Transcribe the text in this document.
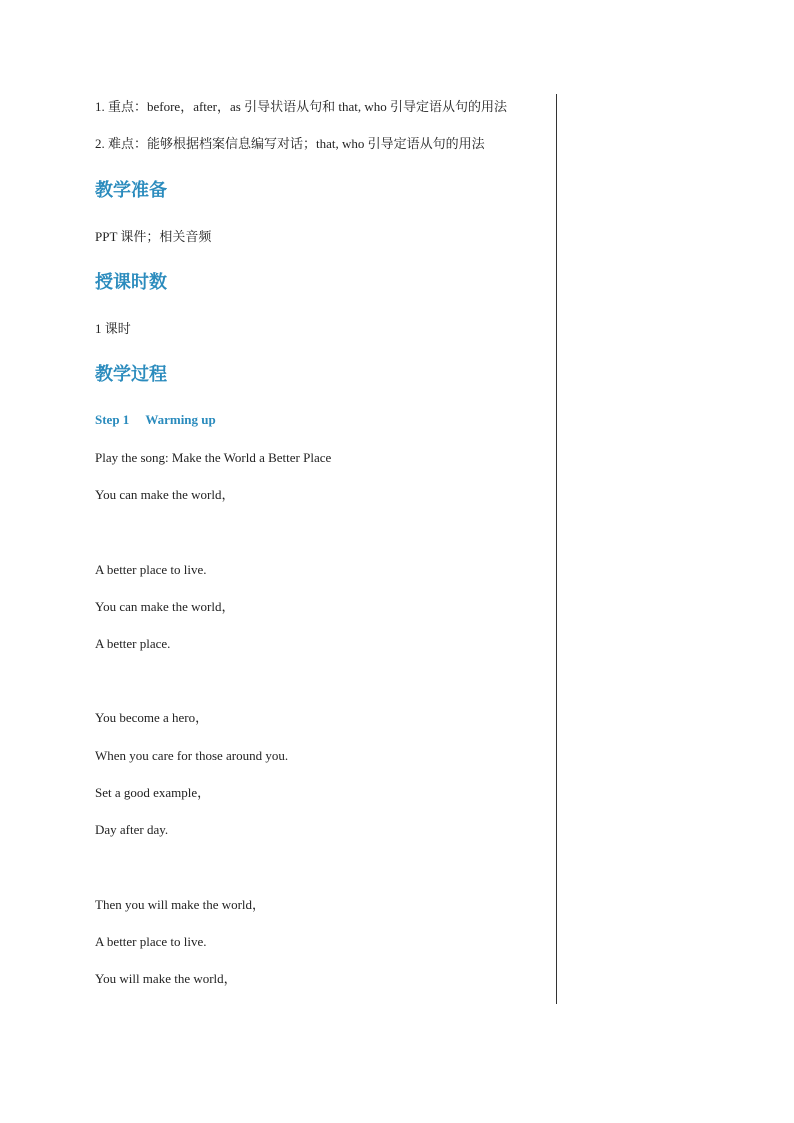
1. 重点：before，after，as 引导状语从句和 that, who 引导定语从句的用法
2. 难点：能够根据档案信息编写对话；that, who 引导定语从句的用法
教学准备
PPT 课件；相关音频
授课时数
1 课时
教学过程
Step 1 Warming up
Play the song: Make the World a Better Place
You can make the world，
A better place to live.
You can make the world，
A better place.
You become a hero，
When you care for those around you.
Set a good example，
Day after day.
Then you will make the world，
A better place to live.
You will make the world，
